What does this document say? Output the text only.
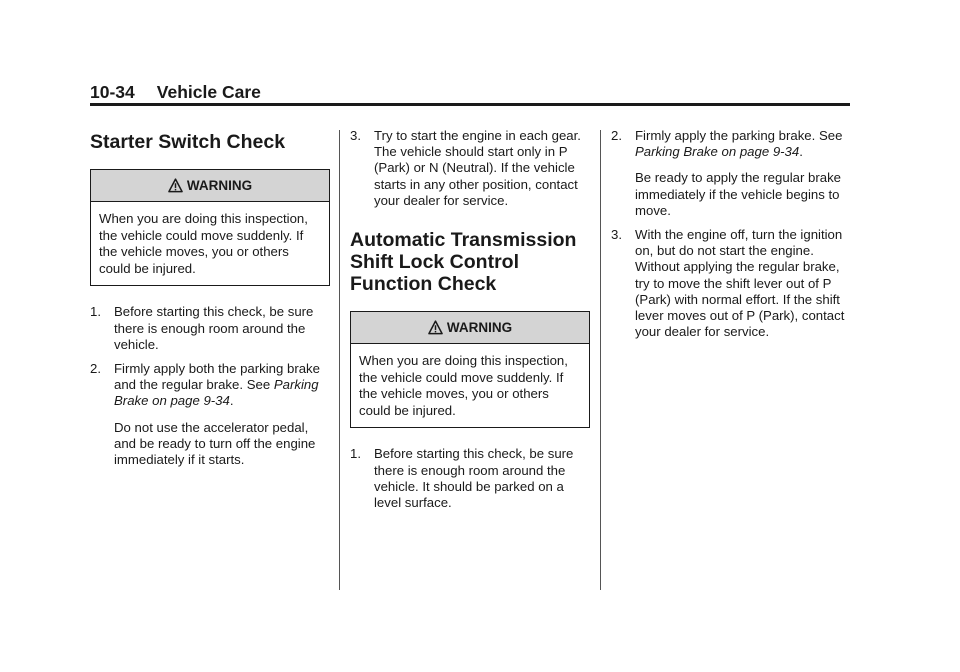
10-34 Vehicle Care
Starter Switch Check
WARNING
When you are doing this inspection, the vehicle could move suddenly. If the vehicle moves, you or others could be injured.
1. Before starting this check, be sure there is enough room around the vehicle.
2. Firmly apply both the parking brake and the regular brake. See Parking Brake on page 9-34.
Do not use the accelerator pedal, and be ready to turn off the engine immediately if it starts.
3. Try to start the engine in each gear. The vehicle should start only in P (Park) or N (Neutral). If the vehicle starts in any other position, contact your dealer for service.
Automatic Transmission Shift Lock Control Function Check
WARNING
When you are doing this inspection, the vehicle could move suddenly. If the vehicle moves, you or others could be injured.
1. Before starting this check, be sure there is enough room around the vehicle. It should be parked on a level surface.
2. Firmly apply the parking brake. See Parking Brake on page 9-34.
Be ready to apply the regular brake immediately if the vehicle begins to move.
3. With the engine off, turn the ignition on, but do not start the engine. Without applying the regular brake, try to move the shift lever out of P (Park) with normal effort. If the shift lever moves out of P (Park), contact your dealer for service.
